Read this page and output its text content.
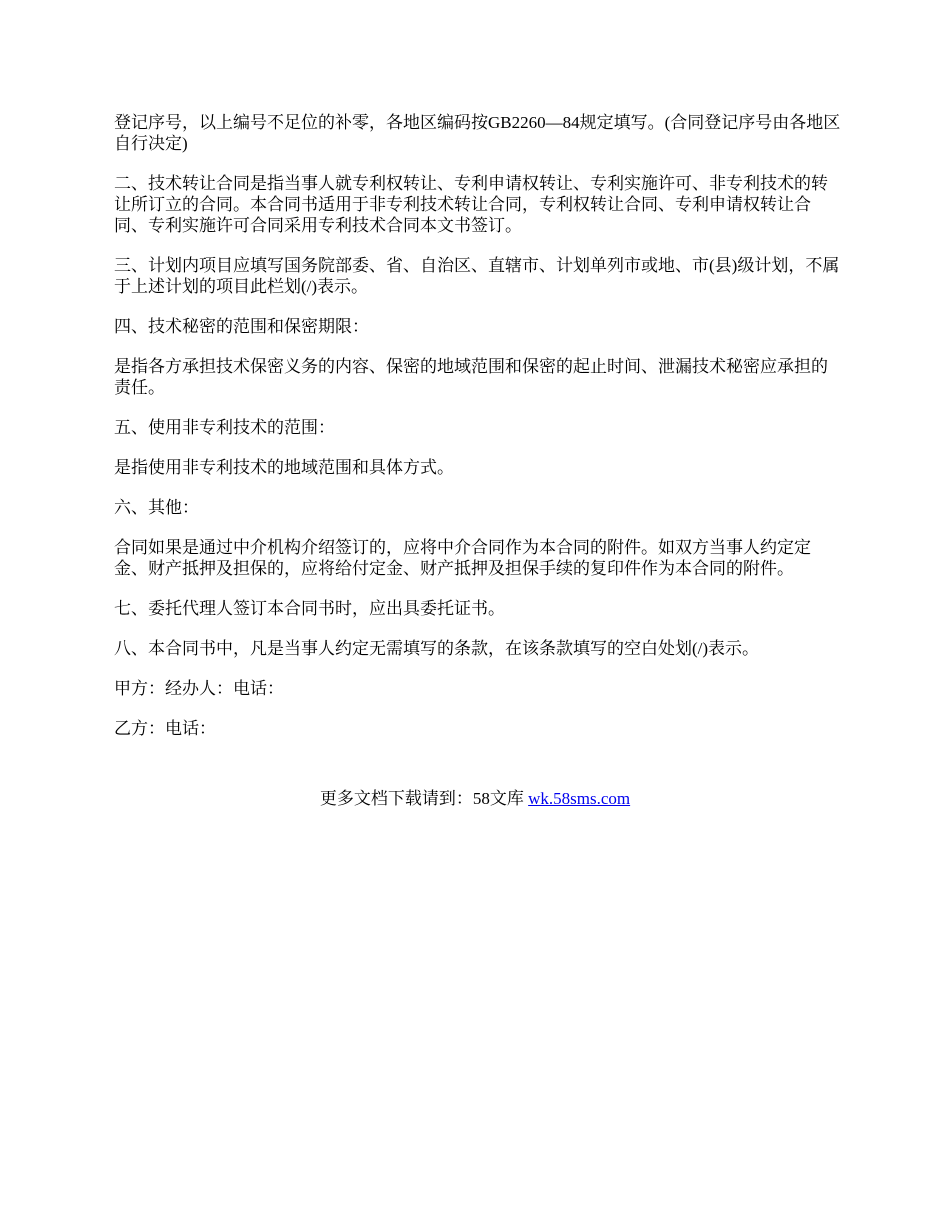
登记序号，以上编号不足位的补零，各地区编码按GB2260—84规定填写。(合同登记序号由各地区自行决定)

二、技术转让合同是指当事人就专利权转让、专利申请权转让、专利实施许可、非专利技术的转让所订立的合同。本合同书适用于非专利技术转让合同，专利权转让合同、专利申请权转让合同、专利实施许可合同采用专利技术合同本文书签订。

三、计划内项目应填写国务院部委、省、自治区、直辖市、计划单列市或地、市(县)级计划，不属于上述计划的项目此栏划(/)表示。

四、技术秘密的范围和保密期限：

是指各方承担技术保密义务的内容、保密的地域范围和保密的起止时间、泄漏技术秘密应承担的责任。

五、使用非专利技术的范围：

是指使用非专利技术的地域范围和具体方式。

六、其他：

合同如果是通过中介机构介绍签订的，应将中介合同作为本合同的附件。如双方当事人约定定金、财产抵押及担保的，应将给付定金、财产抵押及担保手续的复印件作为本合同的附件。

七、委托代理人签订本合同书时，应出具委托证书。

八、本合同书中，凡是当事人约定无需填写的条款，在该条款填写的空白处划(/)表示。

甲方：经办人：电话：

乙方：电话：

更多文档下载请到：58文库 wk.58sms.com
